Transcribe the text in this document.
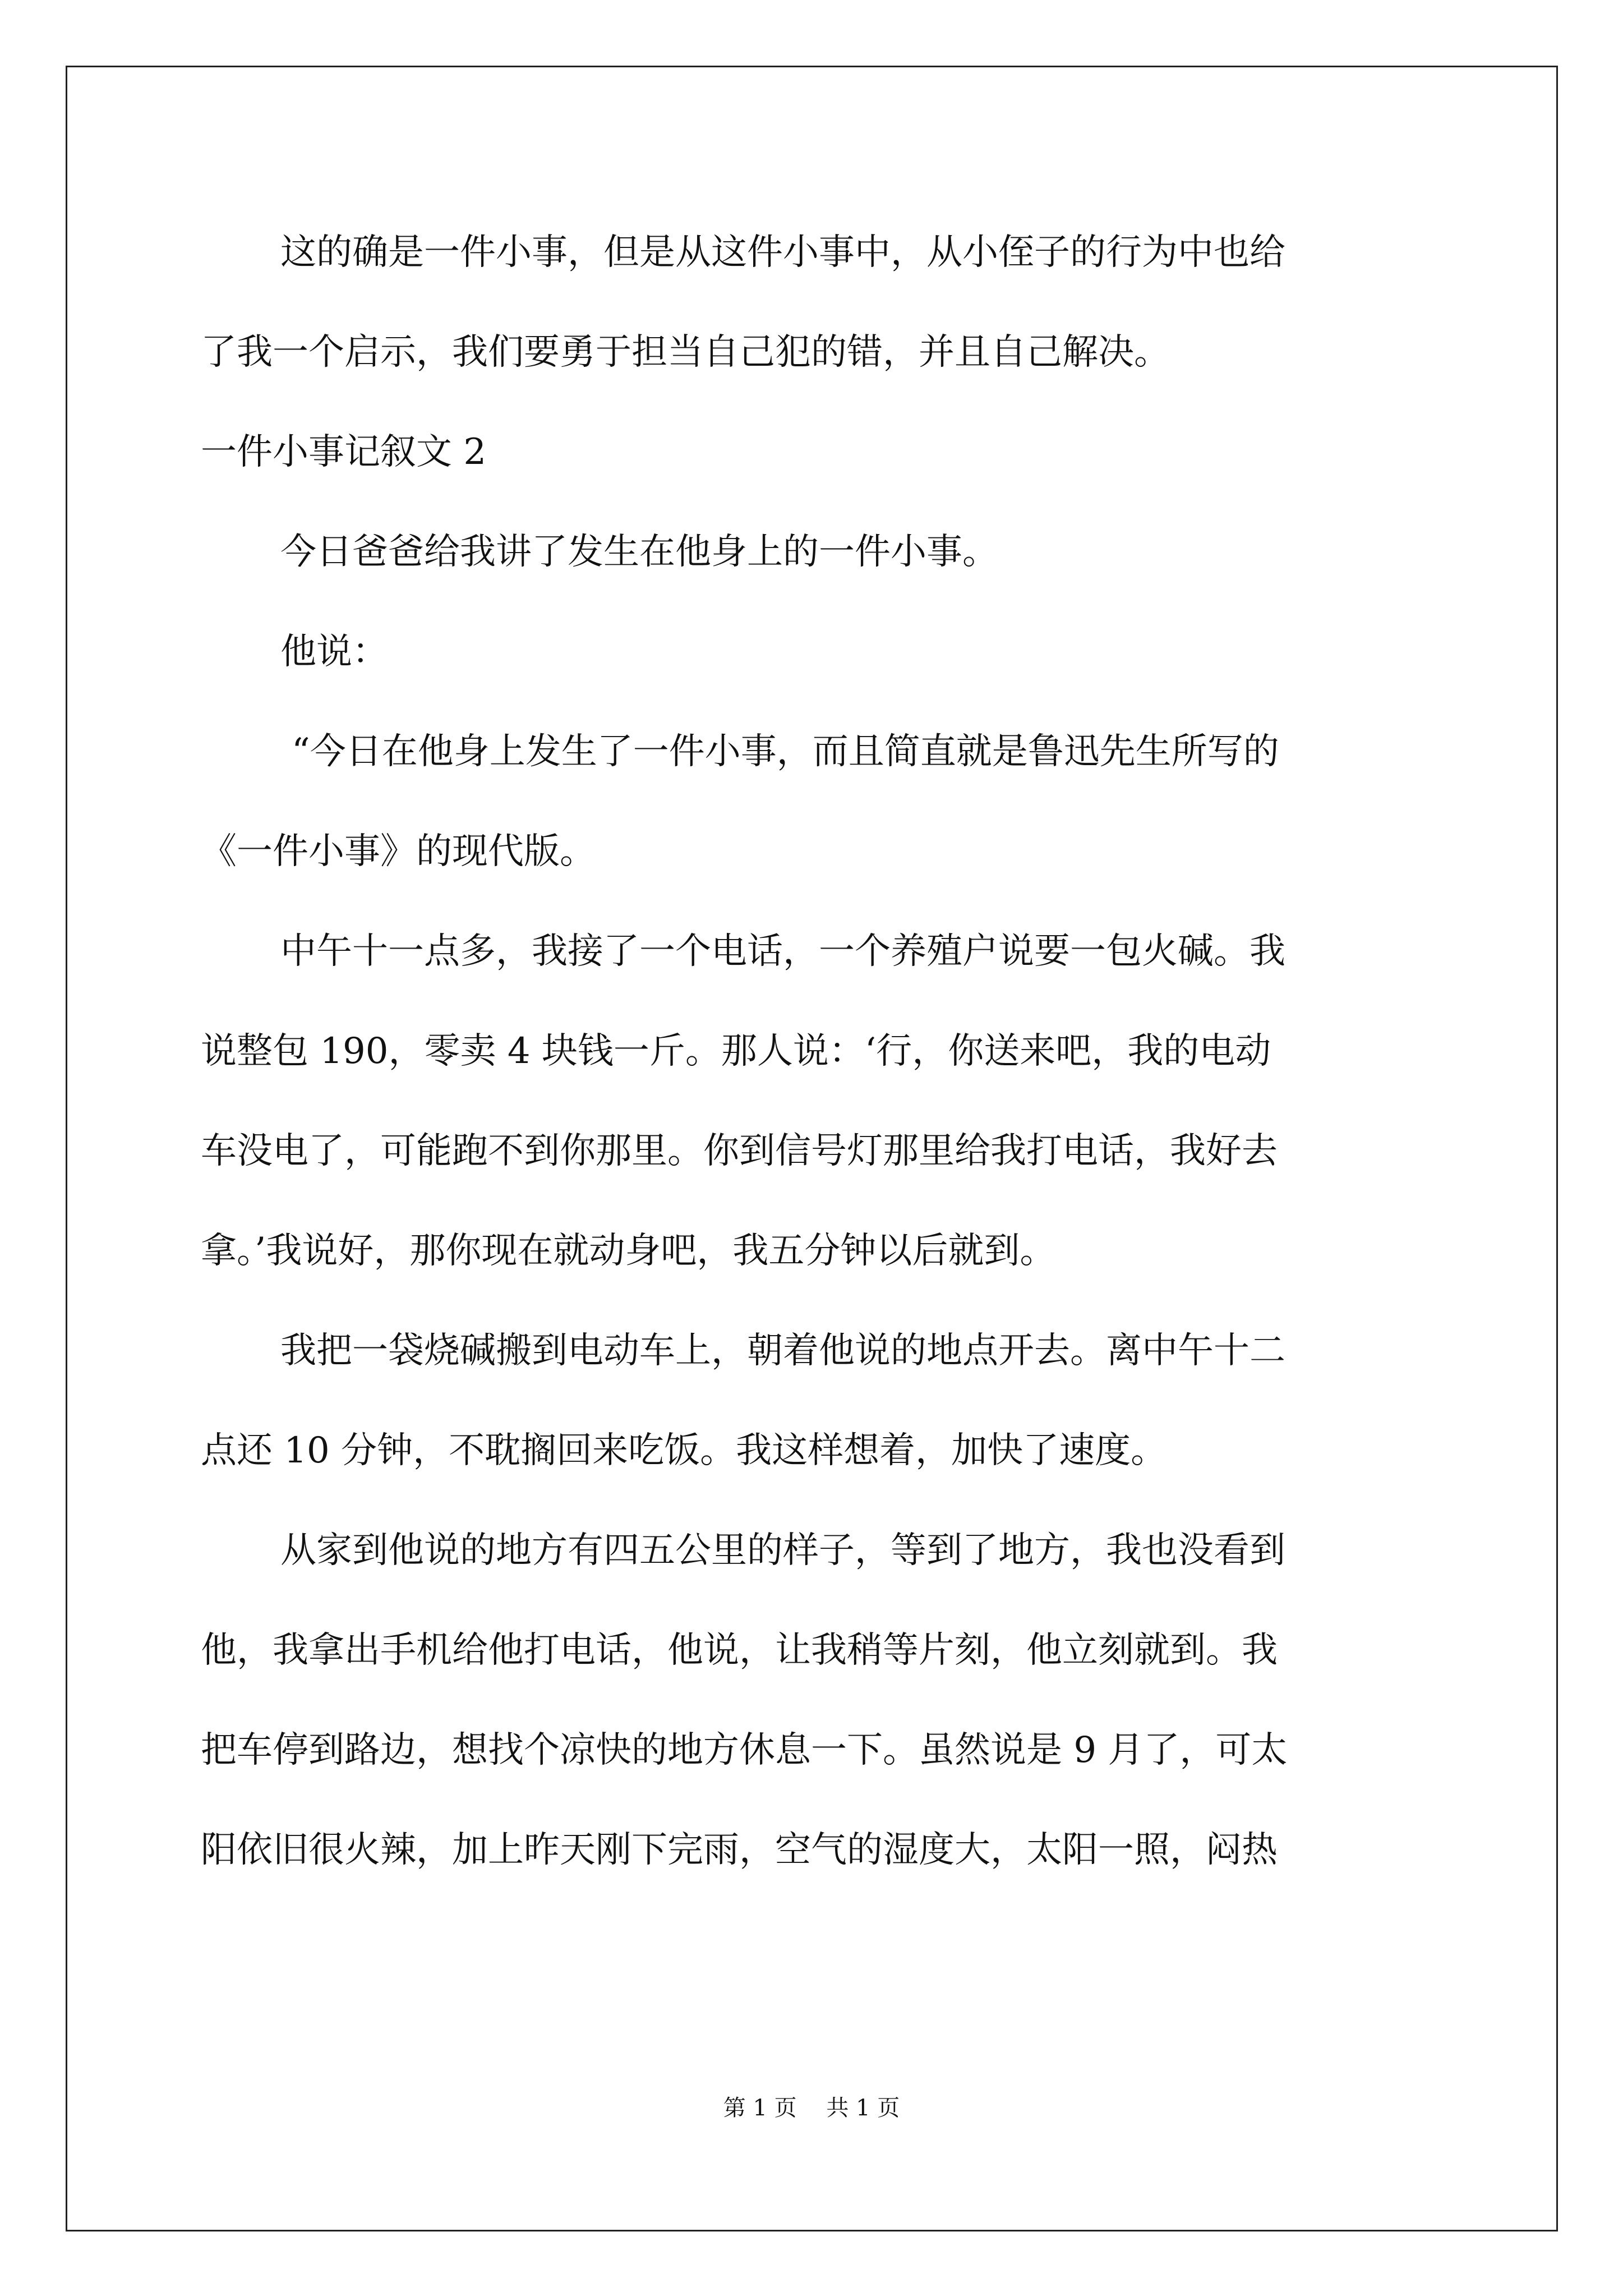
这的确是一件小事，但是从这件小事中，从小侄子的行为中也给
了我一个启示，我们要勇于担当自己犯的错，并且自己解决。
一件小事记叙文 2
今日爸爸给我讲了发生在他身上的一件小事。
他说：
“今日在他身上发生了一件小事，而且简直就是鲁迅先生所写的
《一件小事》的现代版。
中午十一点多，我接了一个电话，一个养殖户说要一包火碱。我
说整包 190，零卖 4 块钱一斤。那人说：‘行，你送来吧，我的电动
车没电了，可能跑不到你那里。你到信号灯那里给我打电话，我好去
拿。’我说好，那你现在就动身吧，我五分钟以后就到。
我把一袋烧碱搬到电动车上，朝着他说的地点开去。离中午十二
点还 10 分钟，不耽搁回来吃饭。我这样想着，加快了速度。
从家到他说的地方有四五公里的样子，等到了地方，我也没看到
他，我拿出手机给他打电话，他说，让我稍等片刻，他立刻就到。我
把车停到路边，想找个凉快的地方休息一下。虽然说是 9 月了，可太
阳依旧很火辣，加上昨天刚下完雨，空气的湿度大，太阳一照，闷热
第 1 页 共 1 页
